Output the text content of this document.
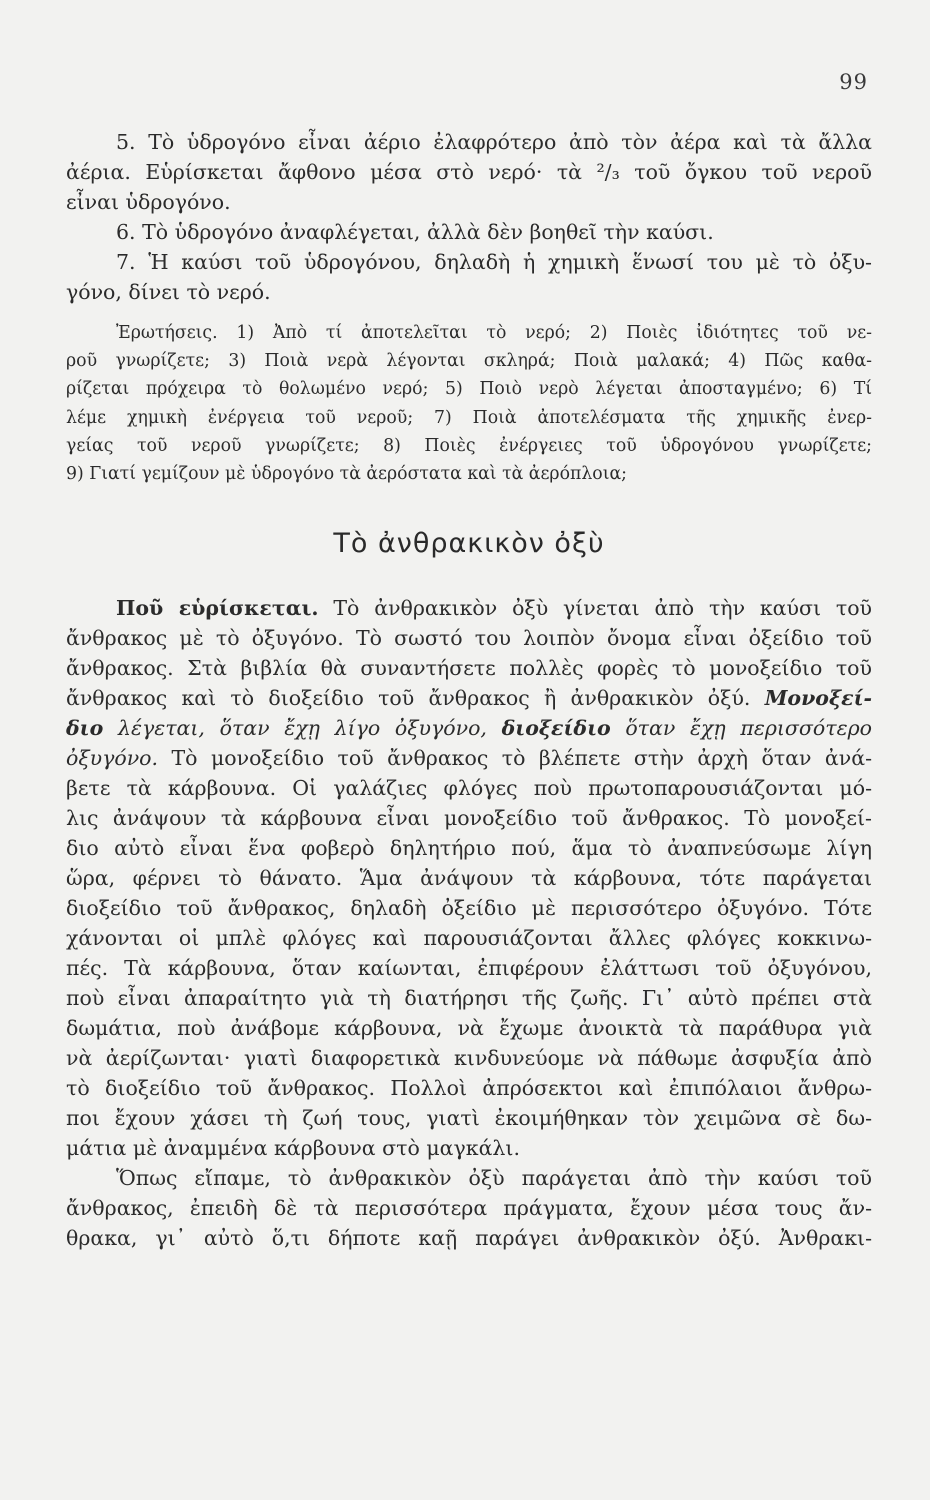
99
5. Τὸ ὑδρογόνο εἶναι ἀέριο ἐλαφρότερο ἀπὸ τὸν ἀέρα καὶ τὰ ἄλλα
ἀέρια. Εὑρίσκεται ἄφθονο μέσα στὸ νερό· τὰ ²/₃ τοῦ ὄγκου τοῦ νεροῦ
εἶναι ὑδρογόνο.
6. Τὸ ὑδρογόνο ἀναφλέγεται, ἀλλὰ δὲν βοηθεῖ τὴν καύσι.
7. Ἡ καύσι τοῦ ὑδρογόνου, δηλαδὴ ἡ χημικὴ ἕνωσί του μὲ τὸ ὀξυ-
γόνο, δίνει τὸ νερό.
Ἐρωτήσεις. 1) Ἀπὸ τί ἀποτελεῖται τὸ νερό; 2) Ποιὲς ἰδιότητες τοῦ νε-
ροῦ γνωρίζετε; 3) Ποιὰ νερὰ λέγονται σκληρά; Ποιὰ μαλακά; 4) Πῶς καθα-
ρίζεται πρόχειρα τὸ θολωμένο νερό; 5) Ποιὸ νερὸ λέγεται ἀποσταγμένο; 6) Τί
λέμε χημικὴ ἐνέργεια τοῦ νεροῦ; 7) Ποιὰ ἀποτελέσματα τῆς χημικῆς ἐνερ-
γείας τοῦ νεροῦ γνωρίζετε; 8) Ποιὲς ἐνέργειες τοῦ ὑδρογόνου γνωρίζετε;
9) Γιατί γεμίζουν μὲ ὑδρογόνο τὰ ἀερόστατα καὶ τὰ ἀερόπλοια;
Τὸ ἀνθρακικὸν ὀξὺ
Ποῦ εὑρίσκεται. Τὸ ἀνθρακικὸν ὀξὺ γίνεται ἀπὸ τὴν καύσι τοῦ
ἄνθρακος μὲ τὸ ὀξυγόνο. Τὸ σωστό του λοιπὸν ὄνομα εἶναι ὀξείδιο τοῦ
ἄνθρακος. Στὰ βιβλία θὰ συναντήσετε πολλὲς φορὲς τὸ μονοξείδιο τοῦ
ἄνθρακος καὶ τὸ διοξείδιο τοῦ ἄνθρακος ἢ ἀνθρακικὸν ὀξύ. Μονοξεί-
διο λέγεται, ὅταν ἔχῃ λίγο ὀξυγόνο, διοξείδιο ὅταν ἔχῃ περισσότερο
ὀξυγόνο. Τὸ μονοξείδιο τοῦ ἄνθρακος τὸ βλέπετε στὴν ἀρχὴ ὅταν ἀνά-
βετε τὰ κάρβουνα. Οἱ γαλάζιες φλόγες ποὺ πρωτοπαρουσιάζονται μό-
λις ἀνάψουν τὰ κάρβουνα εἶναι μονοξείδιο τοῦ ἄνθρακος. Τὸ μονοξεί-
διο αὐτὸ εἶναι ἕνα φοβερὸ δηλητήριο πού, ἅμα τὸ ἀναπνεύσωμε λίγη
ὥρα, φέρνει τὸ θάνατο. Ἅμα ἀνάψουν τὰ κάρβουνα, τότε παράγεται
διοξείδιο τοῦ ἄνθρακος, δηλαδὴ ὀξείδιο μὲ περισσότερο ὀξυγόνο. Τότε
χάνονται οἱ μπλὲ φλόγες καὶ παρουσιάζονται ἄλλες φλόγες κοκκινω-
πές. Τὰ κάρβουνα, ὅταν καίωνται, ἐπιφέρουν ἐλάττωσι τοῦ ὀξυγόνου,
ποὺ εἶναι ἀπαραίτητο γιὰ τὴ διατήρησι τῆς ζωῆς. Γι᾽ αὐτὸ πρέπει στὰ
δωμάτια, ποὺ ἀνάβομε κάρβουνα, νὰ ἔχωμε ἀνοικτὰ τὰ παράθυρα γιὰ
νὰ ἀερίζωνται· γιατὶ διαφορετικὰ κινδυνεύομε νὰ πάθωμε ἀσφυξία ἀπὸ
τὸ διοξείδιο τοῦ ἄνθρακος. Πολλοὶ ἀπρόσεκτοι καὶ ἐπιπόλαιοι ἄνθρω-
ποι ἔχουν χάσει τὴ ζωή τους, γιατὶ ἐκοιμήθηκαν τὸν χειμῶνα σὲ δω-
μάτια μὲ ἀναμμένα κάρβουνα στὸ μαγκάλι.
Ὅπως εἴπαμε, τὸ ἀνθρακικὸν ὀξὺ παράγεται ἀπὸ τὴν καύσι τοῦ
ἄνθρακος, ἐπειδὴ δὲ τὰ περισσότερα πράγματα, ἔχουν μέσα τους ἄν-
θρακα, γι᾽ αὐτὸ ὅ,τι δήποτε καῇ παράγει ἀνθρακικὸν ὀξύ. Ἀνθρακι-
